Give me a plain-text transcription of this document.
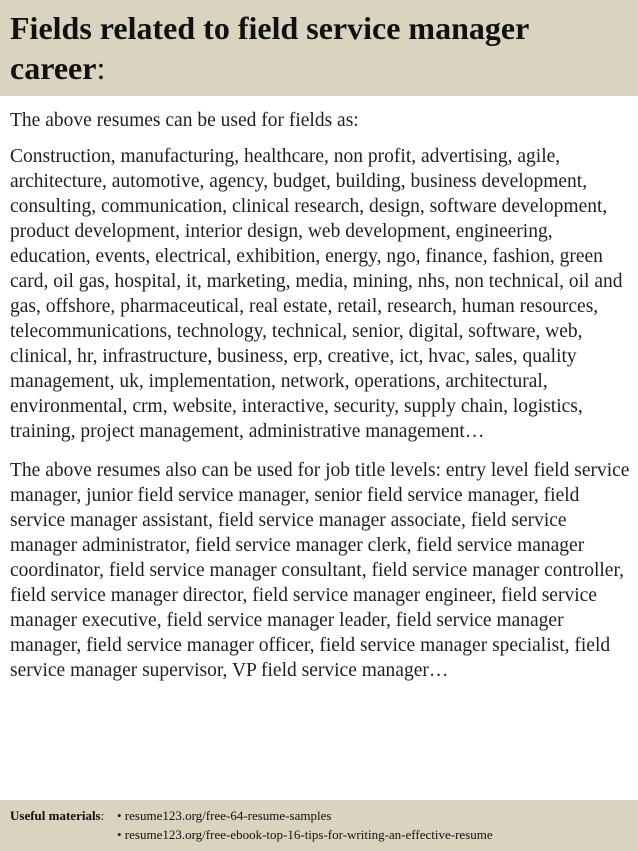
Fields related to field service manager career:

The above resumes can be used for fields as:

Construction, manufacturing, healthcare, non profit, advertising, agile, architecture, automotive, agency, budget, building, business development, consulting, communication, clinical research, design, software development, product development, interior design, web development, engineering, education, events, electrical, exhibition, energy, ngo, finance, fashion, green card, oil gas, hospital, it, marketing, media, mining, nhs, non technical, oil and gas, offshore, pharmaceutical, real estate, retail, research, human resources, telecommunications, technology, technical, senior, digital, software, web, clinical, hr, infrastructure, business, erp, creative, ict, hvac, sales, quality management, uk, implementation, network, operations, architectural, environmental, crm, website, interactive, security, supply chain, logistics, training, project management, administrative management…

The above resumes also can be used for job title levels: entry level field service manager, junior field service manager, senior field service manager, field service manager assistant, field service manager associate, field service manager administrator, field service manager clerk, field service manager coordinator, field service manager consultant, field service manager controller, field service manager director, field service manager engineer, field service manager executive, field service manager leader, field service manager manager, field service manager officer, field service manager specialist, field service manager supervisor, VP field service manager…

Useful materials: • resume123.org/free-64-resume-samples
• resume123.org/free-ebook-top-16-tips-for-writing-an-effective-resume
